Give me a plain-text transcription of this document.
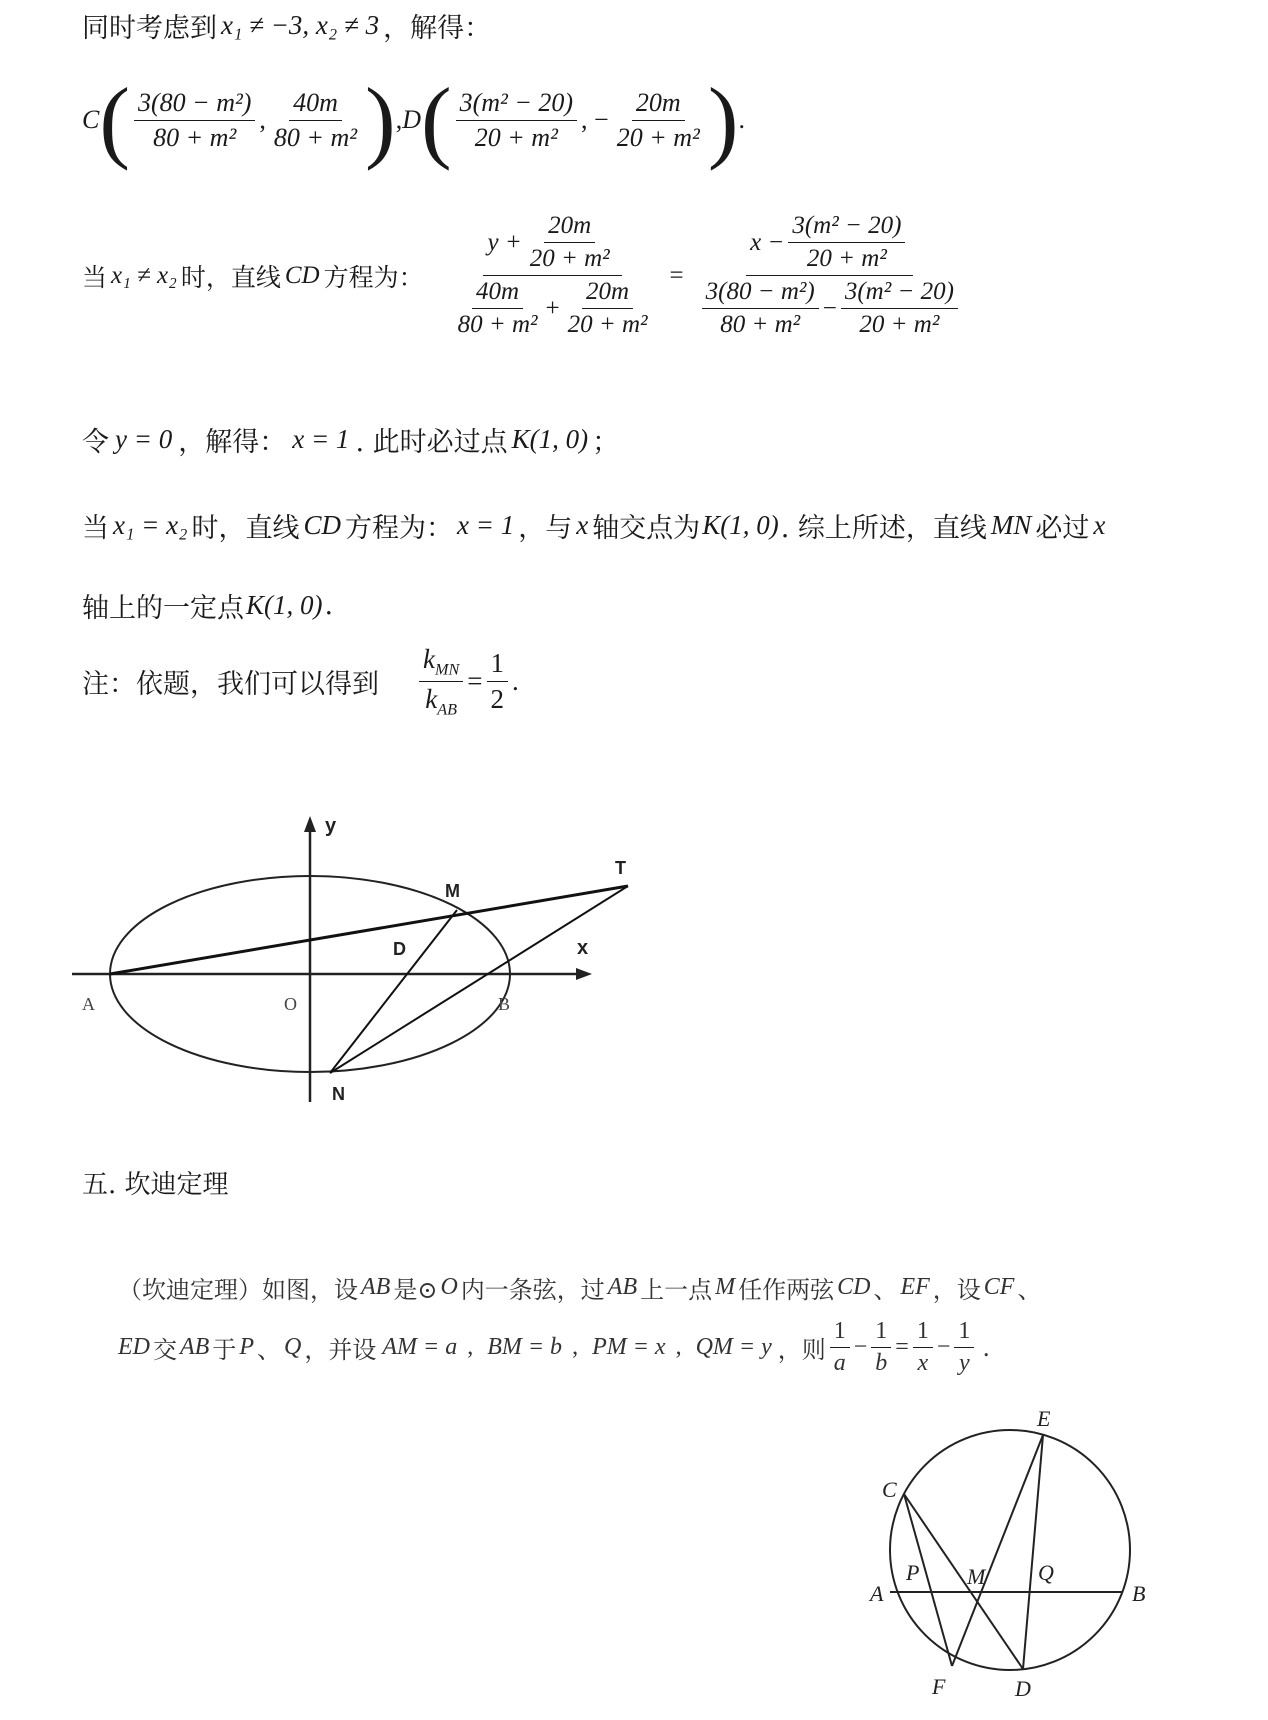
同时考虑到 x₁ ≠ −3, x₂ ≠ 3 ，解得：
C ( $\frac{\text{3(80 − m²)}}{\text{80 + m²}}$ , $\frac{40m}{\text{80 + m²}}$ ) , D ( $\frac{\text{3(m² − 20)}}{\text{20 + m²}}$ , − $\frac{20m}{\text{20 + m²}}$ ) .
当 x₁ ≠ x₂ 时，直线 CD 方程为： $\frac{y + \frac{20m}{\text{20 + m²}}}{\frac{40m}{\text{80 + m²}} + \frac{20m}{\text{20 + m²}}} = \frac{x - \frac{\text{3(m² − 20)}}{\text{20 + m²}}}{\frac{\text{3(80 − m²)}}{\text{80 + m²}} - \frac{\text{3(m² − 20)}}{\text{20 + m²}}}$
令 y = 0 ，解得： x = 1 . 此时必过点 K(1, 0) ；
当 x₁ = x₂ 时，直线 CD 方程为： x = 1 ，与 x 轴交点为 K(1, 0) . 综上所述，直线 MN 必过 x
轴上的一定点 K(1, 0) .
注：依题，我们可以得到 $\frac{k_{MN}}{k_{AB}} = \frac{1}{2}$ .
y
x
M
T
D
A	O	B
N
五. 坎迪定理
（坎迪定理）如图，设 AB 是⊙ O 内一条弦，过 AB 上一点 M 任作两弦 CD 、 EF ，设 CF 、
ED 交 AB 于 P 、 Q ，并设 AM = a , BM = b , PM = x , QM = y ， 则 $\frac{1}{a} - \frac{1}{b} = \frac{1}{x} - \frac{1}{y}$ .
E
C
M
P	Q
A	B
F	D
